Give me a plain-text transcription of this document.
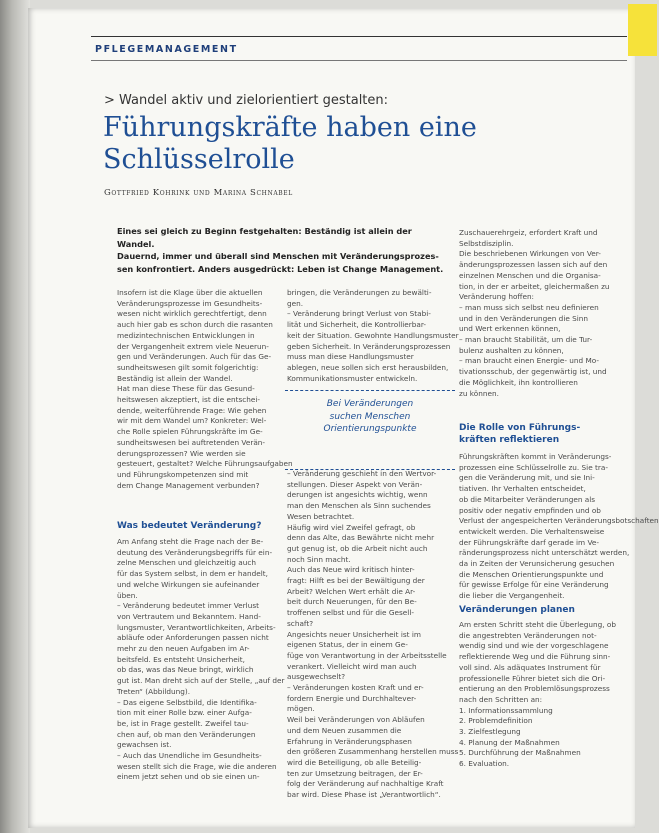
PFLEGEMANAGEMENT
> Wandel aktiv und zielorientiert gestalten:
Führungskräfte haben eine
Schlüsselrolle
Gottfried Kohrink und Marina Schnabel
Eines sei gleich zu Beginn festgehalten: Beständig ist allein der Wandel.
Dauernd, immer und überall sind Menschen mit Veränderungsprozes-
sen konfrontiert. Anders ausgedrückt: Leben ist Change Management.
Insofern ist die Klage über die aktuellen
Veränderungsprozesse im Gesundheits-
wesen nicht wirklich gerechtfertigt, denn
auch hier gab es schon durch die rasanten
medizintechnischen Entwicklungen in
der Vergangenheit extrem viele Neuerun-
gen und Veränderungen. Auch für das Ge-
sundheitswesen gilt somit folgerichtig:
Beständig ist allein der Wandel.
Hat man diese These für das Gesund-
heitswesen akzeptiert, ist die entschei-
dende, weiterführende Frage: Wie gehen
wir mit dem Wandel um? Konkreter: Wel-
che Rolle spielen Führungskräfte im Ge-
sundheitswesen bei auftretenden Verän-
derungsprozessen? Wie werden sie
gesteuert, gestaltet? Welche Führungsaufgaben
und Führungskompetenzen sind mit
dem Change Management verbunden?
Was bedeutet Veränderung?
Am Anfang steht die Frage nach der Be-
deutung des Veränderungsbegriffs für ein-
zelne Menschen und gleichzeitig auch
für das System selbst, in dem er handelt,
und welche Wirkungen sie aufeinander
üben.
– Veränderung bedeutet immer Verlust
von Vertrautem und Bekanntem. Hand-
lungsmuster, Verantwortlichkeiten, Arbeits-
abläufe oder Anforderungen passen nicht
mehr zu den neuen Aufgaben im Ar-
beitsfeld. Es entsteht Unsicherheit,
ob das, was das Neue bringt, wirklich
gut ist. Man dreht sich auf der Stelle, „auf der
Treten“ (Abbildung).
– Das eigene Selbstbild, die Identifika-
tion mit einer Rolle bzw. einer Aufga-
be, ist in Frage gestellt. Zweifel tau-
chen auf, ob man den Veränderungen
gewachsen ist.
– Auch das Unendliche im Gesundheits-
wesen stellt sich die Frage, wie die anderen
einem jetzt sehen und ob sie einen un-
bringen, die Veränderungen zu bewälti-
gen.
– Veränderung bringt Verlust von Stabi-
lität und Sicherheit, die Kontrollierbar-
keit der Situation. Gewohnte Handlungsmuster
geben Sicherheit. In Veränderungsprozessen
muss man diese Handlungsmuster
ablegen, neue sollen sich erst herausbilden,
Kommunikationsmuster entwickeln.
Bei Veränderungen
suchen Menschen
Orientierungspunkte
– Veränderung geschieht in den Wertvor-
stellungen. Dieser Aspekt von Verän-
derungen ist angesichts wichtig, wenn
man den Menschen als Sinn suchendes
Wesen betrachtet.
Häufig wird viel Zweifel gefragt, ob
denn das Alte, das Bewährte nicht mehr
gut genug ist, ob die Arbeit nicht auch
noch Sinn macht.
Auch das Neue wird kritisch hinter-
fragt: Hilft es bei der Bewältigung der
Arbeit? Welchen Wert erhält die Ar-
beit durch Neuerungen, für den Be-
troffenen selbst und für die Gesell-
schaft?
Angesichts neuer Unsicherheit ist im
eigenen Status, der in einem Ge-
füge von Verantwortung in der Arbeitsstelle
verankert. Vielleicht wird man auch
ausgewechselt?
– Veränderungen kosten Kraft und er-
fordern Energie und Durchhaltever-
mögen.
Weil bei Veränderungen von Abläufen
und dem Neuen zusammen die
Erfahrung in Veränderungsphasen
den größeren Zusammenhang herstellen muss
wird die Beteiligung, ob alle Beteilig-
ten zur Umsetzung beitragen, der Er-
folg der Veränderung auf nachhaltige Kraft
bar wird. Diese Phase ist „Verantwortlich“.
Zuschauerehrgeiz, erfordert Kraft und
Selbstdisziplin.
Die beschriebenen Wirkungen von Ver-
änderungsprozessen lassen sich auf den
einzelnen Menschen und die Organisa-
tion, in der er arbeitet, gleichermaßen zu
Veränderung hoffen:
– man muss sich selbst neu definieren
und in den Veränderungen die Sinn
und Wert erkennen können,
– man braucht Stabilität, um die Tur-
bulenz aushalten zu können,
– man braucht einen Energie- und Mo-
tivationsschub, der gegenwärtig ist, und
die Möglichkeit, ihn kontrollieren
zu können.
Die Rolle von Führungs-
kräften reflektieren
Führungskräften kommt in Veränderungs-
prozessen eine Schlüsselrolle zu. Sie tra-
gen die Veränderung mit, und sie Ini-
tiativen. Ihr Verhalten entscheidet,
ob die Mitarbeiter Veränderungen als
positiv oder negativ empfinden und ob
Verlust der angespeicherten Veränderungsbotschaften
entwickelt werden. Die Verhaltensweise
der Führungskräfte darf gerade im Ve-
ränderungsprozess nicht unterschätzt werden,
da in Zeiten der Verunsicherung gesuchen
die Menschen Orientierungspunkte und
für gewisse Erfolge für eine Veränderung
die lieber die Vergangenheit.
Veränderungen planen
Am ersten Schritt steht die Überlegung, ob
die angestrebten Veränderungen not-
wendig sind und wie der vorgeschlagene
reflektierende Weg und die Führung sinn-
voll sind. Als adäquates Instrument für
professionelle Führer bietet sich die Ori-
entierung an den Problemlösungsprozess
nach den Schritten an:
1. Informationssammlung
2. Problemdefinition
3. Zielfestlegung
4. Planung der Maßnahmen
5. Durchführung der Maßnahmen
6. Evaluation.
